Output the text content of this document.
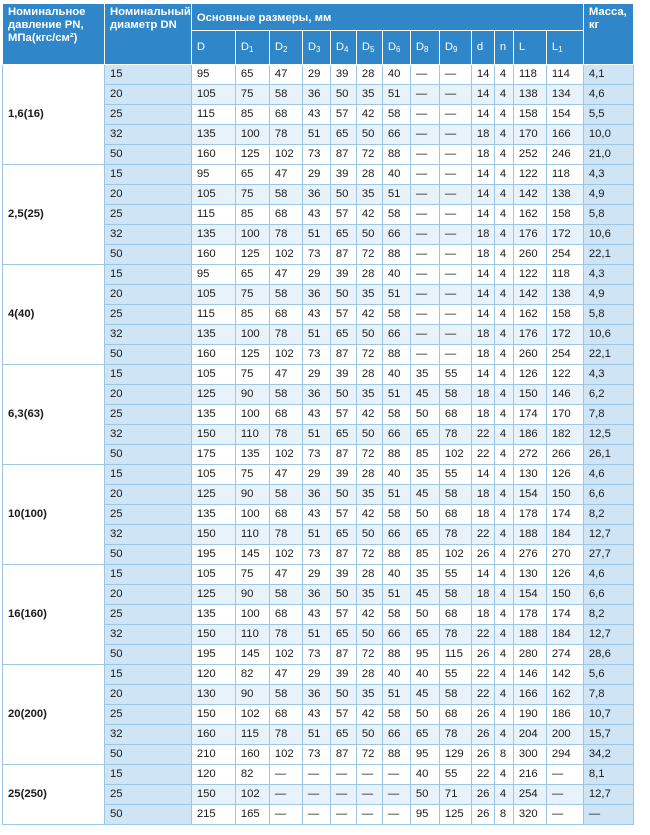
Номинальное давление PN, МПа(кгс/см²)	Номинальный диаметр DN	Основные размеры, мм													Масса, кг
		D	$D_1$	$D_2$	$D_3$	$D_4$	$D_5$	$D_6$	$D_8$	$D_9$	d	n	L	$L_1$
1,6(16)	15	95	65	47	29	39	28	40	—	—	14	4	118	114	4,1
	20	105	75	58	36	50	35	51	—	—	14	4	138	134	4,6
	25	115	85	68	43	57	42	58	—	—	14	4	158	154	5,5
	32	135	100	78	51	65	50	66	—	—	18	4	170	166	10,0
	50	160	125	102	73	87	72	88	—	—	18	4	252	246	21,0
2,5(25)	15	95	65	47	29	39	28	40	—	—	14	4	122	118	4,3
	20	105	75	58	36	50	35	51	—	—	14	4	142	138	4,9
	25	115	85	68	43	57	42	58	—	—	14	4	162	158	5,8
	32	135	100	78	51	65	50	66	—	—	18	4	176	172	10,6
	50	160	125	102	73	87	72	88	—	—	18	4	260	254	22,1
4(40)	15	95	65	47	29	39	28	40	—	—	14	4	122	118	4,3
	20	105	75	58	36	50	35	51	—	—	14	4	142	138	4,9
	25	115	85	68	43	57	42	58	—	—	14	4	162	158	5,8
	32	135	100	78	51	65	50	66	—	—	18	4	176	172	10,6
	50	160	125	102	73	87	72	88	—	—	18	4	260	254	22,1
6,3(63)	15	105	75	47	29	39	28	40	35	55	14	4	126	122	4,3
	20	125	90	58	36	50	35	51	45	58	18	4	150	146	6,2
	25	135	100	68	43	57	42	58	50	68	18	4	174	170	7,8
	32	150	110	78	51	65	50	66	65	78	22	4	186	182	12,5
	50	175	135	102	73	87	72	88	85	102	22	4	272	266	26,1
10(100)	15	105	75	47	29	39	28	40	35	55	14	4	130	126	4,6
	20	125	90	58	36	50	35	51	45	58	18	4	154	150	6,6
	25	135	100	68	43	57	42	58	50	68	18	4	178	174	8,2
	32	150	110	78	51	65	50	66	65	78	22	4	188	184	12,7
	50	195	145	102	73	87	72	88	85	102	26	4	276	270	27,7
16(160)	15	105	75	47	29	39	28	40	35	55	14	4	130	126	4,6
	20	125	90	58	36	50	35	51	45	58	18	4	154	150	6,6
	25	135	100	68	43	57	42	58	50	68	18	4	178	174	8,2
	32	150	110	78	51	65	50	66	65	78	22	4	188	184	12,7
	50	195	145	102	73	87	72	88	95	115	26	4	280	274	28,6
20(200)	15	120	82	47	29	39	28	40	40	55	22	4	146	142	5,6
	20	130	90	58	36	50	35	51	45	58	22	4	166	162	7,8
	25	150	102	68	43	57	42	58	50	68	26	4	190	186	10,7
	32	160	115	78	51	65	50	66	65	78	26	4	204	200	15,7
	50	210	160	102	73	87	72	88	95	129	26	8	300	294	34,2
25(250)	15	120	82	—	—	—	—	—	40	55	22	4	216	—	8,1
	25	150	102	—	—	—	—	—	50	71	26	4	254	—	12,7
	50	215	165	—	—	—	—	—	95	125	26	8	320	—	—
